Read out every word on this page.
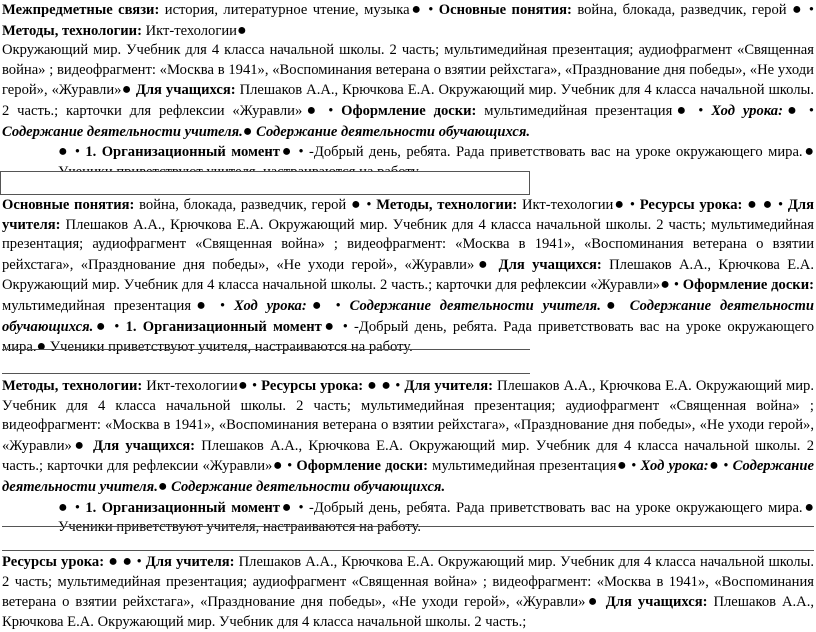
Межпредметные связи: история, литературное чтение, музыка● • Основные понятия: война, блокада, разведчик, герой ● • Методы, технологии: Икт-техологии●

Окружающий мир. Учебник для 4 класса начальной школы. 2 часть; мультимедийная презентация; аудиофрагмент «Священная война» ; видеофрагмент: «Москва в 1941», «Воспоминания ветерана о взятии рейхстага», «Празднование дня победы», «Не уходи герой», «Журавли»● Для учащихся: Плешаков А.А., Крючкова Е.А. Окружающий мир. Учебник для 4 класса начальной школы. 2 часть.; карточки для рефлексии «Журавли»● • Оформление доски: мультимедийная презентация● • Ход урока:● • Содержание деятельности учителя.● Содержание деятельности обучающихся.

● • 1. Организационный момент● • -Добрый день, ребята. Рада приветствовать вас на уроке окружающего мира.●

Основные понятия: война, блокада, разведчик, герой ● • Методы, технологии: Икт-техологии● • Ресурсы урока: ● ● • Для учителя: Плешаков А.А., Крючкова Е.А. Окружающий мир. Учебник для 4 класса начальной школы. 2 часть; мультимедийная презентация; аудиофрагмент «Священная война» ; видеофрагмент: «Москва в 1941», «Воспоминания ветерана о взятии рейхстага», «Празднование дня победы», «Не уходи герой», «Журавли»● Для учащихся: Плешаков А.А., Крючкова Е.А. Окружающий мир. Учебник для 4 класса начальной школы. 2 часть.; карточки для рефлексии «Журавли»● • Оформление доски: мультимедийная презентация● • Ход урока:● • Содержание деятельности учителя.● Содержание деятельности обучающихся.● • 1. Организационный момент● • -Добрый день, ребята. Рада приветствовать вас на уроке окружающего мира.● Ученики приветствуют учителя, настраиваются на работу.

Методы, технологии: Икт-техологии● • Ресурсы урока: ● ● • Для учителя: Плешаков А.А., Крючкова Е.А. Окружающий мир. Учебник для 4 класса начальной школы. 2 часть; мультимедийная презентация; аудиофрагмент «Священная война» ; видеофрагмент: «Москва в 1941», «Воспоминания ветерана о взятии рейхстага», «Празднование дня победы», «Не уходи герой», «Журавли»● Для учащихся: Плешаков А.А., Крючкова Е.А. Окружающий мир. Учебник для 4 класса начальной школы. 2 часть.; карточки для рефлексии «Журавли»● • Оформление доски: мультимедийная презентация● • Ход урока:● • Содержание деятельности учителя.● Содержание деятельности обучающихся.

● • 1. Организационный момент● • -Добрый день, ребята. Рада приветствовать вас на уроке окружающего мира.● Ученики приветствуют учителя, настраиваются на работу.

Ресурсы урока: ● ● • Для учителя: Плешаков А.А., Крючкова Е.А. Окружающий мир. Учебник для 4 класса начальной школы. 2 часть; мультимедийная презентация; аудиофрагмент «Священная война» ; видеофрагмент: «Москва в 1941», «Воспоминания ветерана о взятии рейхстага», «Празднование дня победы», «Не уходи герой», «Журавли»● Для учащихся: Плешаков А.А., Крючкова Е.А. Окружающий мир. Учебник для 4 класса начальной школы. 2 часть.;
